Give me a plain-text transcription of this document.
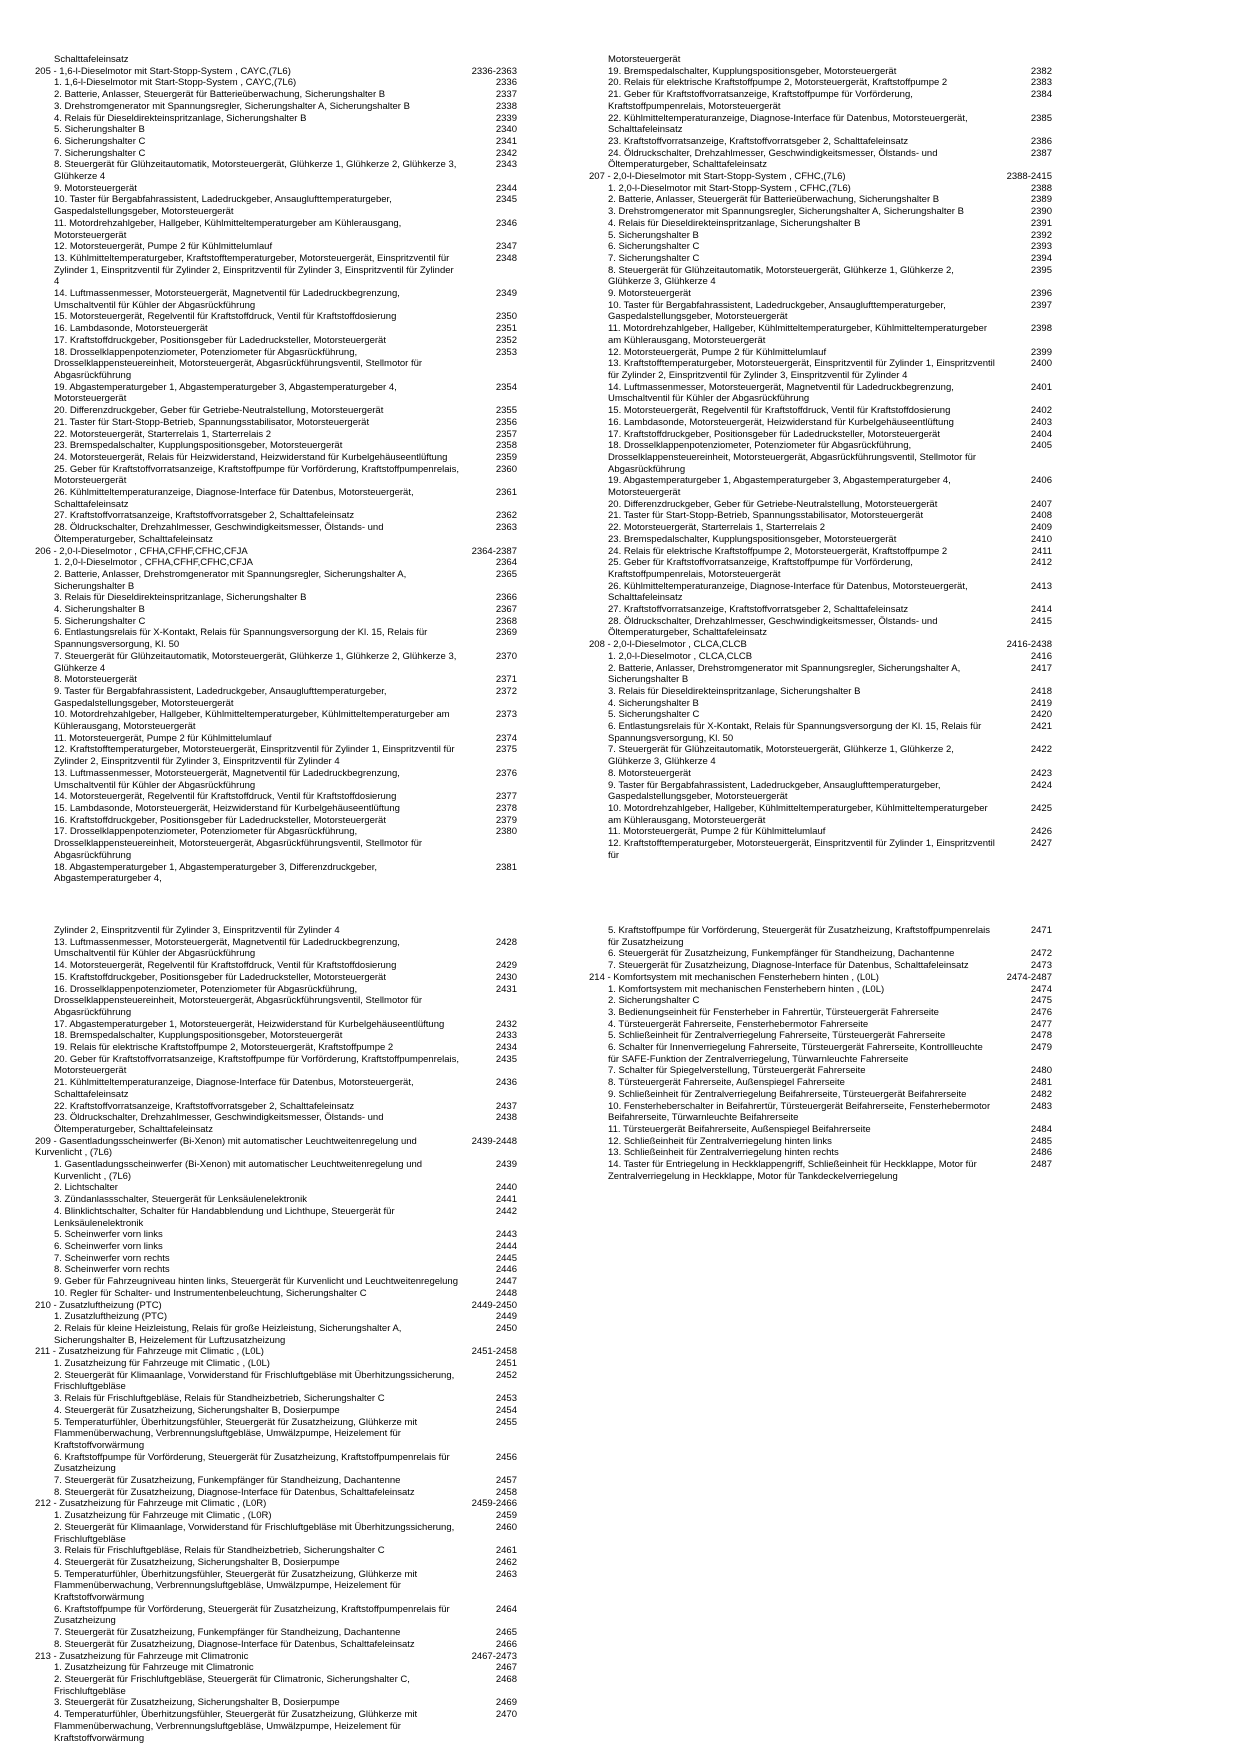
Schalttafeleinsatz
205 - 1,6-l-Dieselmotor mit Start-Stopp-System , CAYC,(7L6)	2336-2363
1. 1,6-l-Dieselmotor mit Start-Stopp-System , CAYC,(7L6)	2336
2. Batterie, Anlasser, Steuergerät für Batterieüberwachung, Sicherungshalter B	2337
3. Drehstromgenerator mit Spannungsregler, Sicherungshalter A, Sicherungshalter B	2338
4. Relais für Dieseldirekteinspritzanlage, Sicherungshalter B	2339
5. Sicherungshalter B	2340
6. Sicherungshalter C	2341
7. Sicherungshalter C	2342
8. Steuergerät für Glühzeitautomatik, Motorsteuergerät, Glühkerze 1, Glühkerze 2, Glühkerze 3, Glühkerze 4
2343
9. Motorsteuergerät	2344
10. Taster für Bergabfahrassistent, Ladedruckgeber, Ansauglufttemperaturgeber, Gaspedalstellungsgeber, Motorsteuergerät
2345
11. Motordrehzahlgeber, Hallgeber, Kühlmitteltemperaturgeber am Kühlerausgang, Motorsteuergerät
2346
12. Motorsteuergerät, Pumpe 2 für Kühlmittelumlauf	2347
13. Kühlmitteltemperaturgeber, Kraftstofftemperaturgeber, Motorsteuergerät, Einspritzventil für Zylinder 1, Einspritzventil für Zylinder 2, Einspritzventil für Zylinder 3, Einspritzventil für Zylinder 4
2348
14. Luftmassenmesser, Motorsteuergerät, Magnetventil für Ladedruckbegrenzung, Umschaltventil für Kühler der Abgasrückführung
2349
15. Motorsteuergerät, Regelventil für Kraftstoffdruck, Ventil für Kraftstoffdosierung	2350
16. Lambdasonde, Motorsteuergerät	2351
17. Kraftstoffdruckgeber, Positionsgeber für Ladedrucksteller, Motorsteuergerät	2352
18. Drosselklappenpotenziometer, Potenziometer für Abgasrückführung, Drosselklappensteuereinheit, Motorsteuergerät, Abgasrückführungsventil, Stellmotor für Abgasrückführung
2353
19. Abgastemperaturgeber 1, Abgastemperaturgeber 3, Abgastemperaturgeber 4, Motorsteuergerät
2354
20. Differenzdruckgeber, Geber für Getriebe-Neutralstellung, Motorsteuergerät	2355
21. Taster für Start-Stopp-Betrieb, Spannungsstabilisator, Motorsteuergerät	2356
22. Motorsteuergerät, Starterrelais 1, Starterrelais 2	2357
23. Bremspedalschalter, Kupplungspositionsgeber, Motorsteuergerät	2358
24. Motorsteuergerät, Relais für Heizwiderstand, Heizwiderstand für Kurbelgehäuseentlüftung	2359
25. Geber für Kraftstoffvorratsanzeige, Kraftstoffpumpe für Vorförderung, Kraftstoffpumpenrelais, Motorsteuergerät
2360
26. Kühlmitteltemperaturanzeige, Diagnose-Interface für Datenbus, Motorsteuergerät, Schalttafeleinsatz
2361
27. Kraftstoffvorratsanzeige, Kraftstoffvorratsgeber 2, Schalttafeleinsatz	2362
28. Öldruckschalter, Drehzahlmesser, Geschwindigkeitsmesser, Ölstands- und Öltemperaturgeber, Schalttafeleinsatz
2363
206 - 2,0-l-Dieselmotor , CFHA,CFHF,CFHC,CFJA	2364-2387
1. 2,0-l-Dieselmotor , CFHA,CFHF,CFHC,CFJA	2364
2. Batterie, Anlasser, Drehstromgenerator mit Spannungsregler, Sicherungshalter A, Sicherungshalter B
2365
3. Relais für Dieseldirekteinspritzanlage, Sicherungshalter B	2366
4. Sicherungshalter B	2367
5. Sicherungshalter C	2368
6. Entlastungsrelais für X-Kontakt, Relais für Spannungsversorgung der Kl. 15, Relais für Spannungsversorgung, Kl. 50
2369
7. Steuergerät für Glühzeitautomatik, Motorsteuergerät, Glühkerze 1, Glühkerze 2, Glühkerze 3, Glühkerze 4
2370
8. Motorsteuergerät	2371
9. Taster für Bergabfahrassistent, Ladedruckgeber, Ansauglufttemperaturgeber, Gaspedalstellungsgeber, Motorsteuergerät
2372
10. Motordrehzahlgeber, Hallgeber, Kühlmitteltemperaturgeber, Kühlmitteltemperaturgeber am Kühlerausgang, Motorsteuergerät
2373
11. Motorsteuergerät, Pumpe 2 für Kühlmittelumlauf	2374
12. Kraftstofftemperaturgeber, Motorsteuergerät, Einspritzventil für Zylinder 1, Einspritzventil für Zylinder 2, Einspritzventil für Zylinder 3, Einspritzventil für Zylinder 4
2375
13. Luftmassenmesser, Motorsteuergerät, Magnetventil für Ladedruckbegrenzung, Umschaltventil für Kühler der Abgasrückführung
2376
14. Motorsteuergerät, Regelventil für Kraftstoffdruck, Ventil für Kraftstoffdosierung	2377
15. Lambdasonde, Motorsteuergerät, Heizwiderstand für Kurbelgehäuseentlüftung	2378
16. Kraftstoffdruckgeber, Positionsgeber für Ladedrucksteller, Motorsteuergerät	2379
17. Drosselklappenpotenziometer, Potenziometer für Abgasrückführung, Drosselklappensteuereinheit, Motorsteuergerät, Abgasrückführungsventil, Stellmotor für Abgasrückführung
2380
18. Abgastemperaturgeber 1, Abgastemperaturgeber 3, Differenzdruckgeber, Abgastemperaturgeber 4,
2381
Motorsteuergerät
19. Bremspedalschalter, Kupplungspositionsgeber, Motorsteuergerät	2382
20. Relais für elektrische Kraftstoffpumpe 2, Motorsteuergerät, Kraftstoffpumpe 2	2383
21. Geber für Kraftstoffvorratsanzeige, Kraftstoffpumpe für Vorförderung, Kraftstoffpumpenrelais, Motorsteuergerät
2384
22. Kühlmitteltemperaturanzeige, Diagnose-Interface für Datenbus, Motorsteuergerät, Schalttafeleinsatz
2385
23. Kraftstoffvorratsanzeige, Kraftstoffvorratsgeber 2, Schalttafeleinsatz	2386
24. Öldruckschalter, Drehzahlmesser, Geschwindigkeitsmesser, Ölstands- und Öltemperaturgeber, Schalttafeleinsatz
2387
207 - 2,0-l-Dieselmotor mit Start-Stopp-System , CFHC,(7L6)	2388-2415
1. 2,0-l-Dieselmotor mit Start-Stopp-System , CFHC,(7L6)	2388
2. Batterie, Anlasser, Steuergerät für Batterieüberwachung, Sicherungshalter B	2389
3. Drehstromgenerator mit Spannungsregler, Sicherungshalter A, Sicherungshalter B	2390
4. Relais für Dieseldirekteinspritzanlage, Sicherungshalter B	2391
5. Sicherungshalter B	2392
6. Sicherungshalter C	2393
7. Sicherungshalter C	2394
8. Steuergerät für Glühzeitautomatik, Motorsteuergerät, Glühkerze 1, Glühkerze 2, Glühkerze 3, Glühkerze 4
2395
9. Motorsteuergerät	2396
10. Taster für Bergabfahrassistent, Ladedruckgeber, Ansauglufttemperaturgeber, Gaspedalstellungsgeber, Motorsteuergerät
2397
11. Motordrehzahlgeber, Hallgeber, Kühlmitteltemperaturgeber, Kühlmitteltemperaturgeber am Kühlerausgang, Motorsteuergerät
2398
12. Motorsteuergerät, Pumpe 2 für Kühlmittelumlauf	2399
13. Kraftstofftemperaturgeber, Motorsteuergerät, Einspritzventil für Zylinder 1, Einspritzventil für Zylinder 2, Einspritzventil für Zylinder 3, Einspritzventil für Zylinder 4
2400
14. Luftmassenmesser, Motorsteuergerät, Magnetventil für Ladedruckbegrenzung, Umschaltventil für Kühler der Abgasrückführung
2401
15. Motorsteuergerät, Regelventil für Kraftstoffdruck, Ventil für Kraftstoffdosierung	2402
16. Lambdasonde, Motorsteuergerät, Heizwiderstand für Kurbelgehäuseentlüftung	2403
17. Kraftstoffdruckgeber, Positionsgeber für Ladedrucksteller, Motorsteuergerät	2404
18. Drosselklappenpotenziometer, Potenziometer für Abgasrückführung, Drosselklappensteuereinheit, Motorsteuergerät, Abgasrückführungsventil, Stellmotor für Abgasrückführung
2405
19. Abgastemperaturgeber 1, Abgastemperaturgeber 3, Abgastemperaturgeber 4, Motorsteuergerät
2406
20. Differenzdruckgeber, Geber für Getriebe-Neutralstellung, Motorsteuergerät	2407
21. Taster für Start-Stopp-Betrieb, Spannungsstabilisator, Motorsteuergerät	2408
22. Motorsteuergerät, Starterrelais 1, Starterrelais 2	2409
23. Bremspedalschalter, Kupplungspositionsgeber, Motorsteuergerät	2410
24. Relais für elektrische Kraftstoffpumpe 2, Motorsteuergerät, Kraftstoffpumpe 2	2411
25. Geber für Kraftstoffvorratsanzeige, Kraftstoffpumpe für Vorförderung, Kraftstoffpumpenrelais, Motorsteuergerät
2412
26. Kühlmitteltemperaturanzeige, Diagnose-Interface für Datenbus, Motorsteuergerät, Schalttafeleinsatz
2413
27. Kraftstoffvorratsanzeige, Kraftstoffvorratsgeber 2, Schalttafeleinsatz	2414
28. Öldruckschalter, Drehzahlmesser, Geschwindigkeitsmesser, Ölstands- und Öltemperaturgeber, Schalttafeleinsatz
2415
208 - 2,0-l-Dieselmotor , CLCA,CLCB	2416-2438
1. 2,0-l-Dieselmotor , CLCA,CLCB	2416
2. Batterie, Anlasser, Drehstromgenerator mit Spannungsregler, Sicherungshalter A, Sicherungshalter B
2417
3. Relais für Dieseldirekteinspritzanlage, Sicherungshalter B	2418
4. Sicherungshalter B	2419
5. Sicherungshalter C	2420
6. Entlastungsrelais für X-Kontakt, Relais für Spannungsversorgung der Kl. 15, Relais für Spannungsversorgung, Kl. 50
2421
7. Steuergerät für Glühzeitautomatik, Motorsteuergerät, Glühkerze 1, Glühkerze 2, Glühkerze 3, Glühkerze 4
2422
8. Motorsteuergerät	2423
9. Taster für Bergabfahrassistent, Ladedruckgeber, Ansauglufttemperaturgeber, Gaspedalstellungsgeber, Motorsteuergerät
2424
10. Motordrehzahlgeber, Hallgeber, Kühlmitteltemperaturgeber, Kühlmitteltemperaturgeber am Kühlerausgang, Motorsteuergerät
2425
11. Motorsteuergerät, Pumpe 2 für Kühlmittelumlauf	2426
12. Kraftstofftemperaturgeber, Motorsteuergerät, Einspritzventil für Zylinder 1, Einspritzventil für
2427
Zylinder 2, Einspritzventil für Zylinder 3, Einspritzventil für Zylinder 4
13. Luftmassenmesser, Motorsteuergerät, Magnetventil für Ladedruckbegrenzung, Umschaltventil für Kühler der Abgasrückführung
2428
14. Motorsteuergerät, Regelventil für Kraftstoffdruck, Ventil für Kraftstoffdosierung	2429
15. Kraftstoffdruckgeber, Positionsgeber für Ladedrucksteller, Motorsteuergerät	2430
16. Drosselklappenpotenziometer, Potenziometer für Abgasrückführung, Drosselklappensteuereinheit, Motorsteuergerät, Abgasrückführungsventil, Stellmotor für Abgasrückführung
2431
17. Abgastemperaturgeber 1, Motorsteuergerät, Heizwiderstand für Kurbelgehäuseentlüftung	2432
18. Bremspedalschalter, Kupplungspositionsgeber, Motorsteuergerät	2433
19. Relais für elektrische Kraftstoffpumpe 2, Motorsteuergerät, Kraftstoffpumpe 2	2434
20. Geber für Kraftstoffvorratsanzeige, Kraftstoffpumpe für Vorförderung, Kraftstoffpumpenrelais, Motorsteuergerät
2435
21. Kühlmitteltemperaturanzeige, Diagnose-Interface für Datenbus, Motorsteuergerät, Schalttafeleinsatz
2436
22. Kraftstoffvorratsanzeige, Kraftstoffvorratsgeber 2, Schalttafeleinsatz	2437
23. Öldruckschalter, Drehzahlmesser, Geschwindigkeitsmesser, Ölstands- und Öltemperaturgeber, Schalttafeleinsatz
2438
209 - Gasentladungsscheinwerfer (Bi-Xenon) mit automatischer Leuchtweitenregelung und Kurvenlicht , (7L6)
2439-2448
1. Gasentladungsscheinwerfer (Bi-Xenon) mit automatischer Leuchtweitenregelung und Kurvenlicht , (7L6)
2439
2. Lichtschalter	2440
3. Zündanlassschalter, Steuergerät für Lenksäulenelektronik	2441
4. Blinklichtschalter, Schalter für Handabblendung und Lichthupe, Steuergerät für Lenksäulenelektronik
2442
5. Scheinwerfer vorn links	2443
6. Scheinwerfer vorn links	2444
7. Scheinwerfer vorn rechts	2445
8. Scheinwerfer vorn rechts	2446
9. Geber für Fahrzeugniveau hinten links, Steuergerät für Kurvenlicht und Leuchtweitenregelung	2447
10. Regler für Schalter- und Instrumentenbeleuchtung, Sicherungshalter C	2448
210 - Zusatzluftheizung (PTC)	2449-2450
1. Zusatzluftheizung (PTC)	2449
2. Relais für kleine Heizleistung, Relais für große Heizleistung, Sicherungshalter A, Sicherungshalter B, Heizelement für Luftzusatzheizung
2450
211 - Zusatzheizung für Fahrzeuge mit Climatic , (L0L)	2451-2458
1. Zusatzheizung für Fahrzeuge mit Climatic , (L0L)	2451
2. Steuergerät für Klimaanlage, Vorwiderstand für Frischluftgebläse mit Überhitzungssicherung, Frischluftgebläse
2452
3. Relais für Frischluftgebläse, Relais für Standheizbetrieb, Sicherungshalter C	2453
4. Steuergerät für Zusatzheizung, Sicherungshalter B, Dosierpumpe	2454
5. Temperaturfühler, Überhitzungsfühler, Steuergerät für Zusatzheizung, Glühkerze mit Flammenüberwachung, Verbrennungsluftgebläse, Umwälzpumpe, Heizelement für Kraftstoffvorwärmung
2455
6. Kraftstoffpumpe für Vorförderung, Steuergerät für Zusatzheizung, Kraftstoffpumpenrelais für Zusatzheizung
2456
7. Steuergerät für Zusatzheizung, Funkempfänger für Standheizung, Dachantenne	2457
8. Steuergerät für Zusatzheizung, Diagnose-Interface für Datenbus, Schalttafeleinsatz	2458
212 - Zusatzheizung für Fahrzeuge mit Climatic , (L0R)	2459-2466
1. Zusatzheizung für Fahrzeuge mit Climatic , (L0R)	2459
2. Steuergerät für Klimaanlage, Vorwiderstand für Frischluftgebläse mit Überhitzungssicherung, Frischluftgebläse
2460
3. Relais für Frischluftgebläse, Relais für Standheizbetrieb, Sicherungshalter C	2461
4. Steuergerät für Zusatzheizung, Sicherungshalter B, Dosierpumpe	2462
5. Temperaturfühler, Überhitzungsfühler, Steuergerät für Zusatzheizung, Glühkerze mit Flammenüberwachung, Verbrennungsluftgebläse, Umwälzpumpe, Heizelement für Kraftstoffvorwärmung
2463
6. Kraftstoffpumpe für Vorförderung, Steuergerät für Zusatzheizung, Kraftstoffpumpenrelais für Zusatzheizung
2464
7. Steuergerät für Zusatzheizung, Funkempfänger für Standheizung, Dachantenne	2465
8. Steuergerät für Zusatzheizung, Diagnose-Interface für Datenbus, Schalttafeleinsatz	2466
213 - Zusatzheizung für Fahrzeuge mit Climatronic	2467-2473
1. Zusatzheizung für Fahrzeuge mit Climatronic	2467
2. Steuergerät für Frischluftgebläse, Steuergerät für Climatronic, Sicherungshalter C, Frischluftgebläse
2468
3. Steuergerät für Zusatzheizung, Sicherungshalter B, Dosierpumpe	2469
4. Temperaturfühler, Überhitzungsfühler, Steuergerät für Zusatzheizung, Glühkerze mit Flammenüberwachung, Verbrennungsluftgebläse, Umwälzpumpe, Heizelement für Kraftstoffvorwärmung
2470
5. Kraftstoffpumpe für Vorförderung, Steuergerät für Zusatzheizung, Kraftstoffpumpenrelais für Zusatzheizung
2471
6. Steuergerät für Zusatzheizung, Funkempfänger für Standheizung, Dachantenne	2472
7. Steuergerät für Zusatzheizung, Diagnose-Interface für Datenbus, Schalttafeleinsatz	2473
214 - Komfortsystem mit mechanischen Fensterhebern hinten , (L0L)	2474-2487
1. Komfortsystem mit mechanischen Fensterhebern hinten , (L0L)	2474
2. Sicherungshalter C	2475
3. Bedienungseinheit für Fensterheber in Fahrertür, Türsteuergerät Fahrerseite	2476
4. Türsteuergerät Fahrerseite, Fensterhebermotor Fahrerseite	2477
5. Schließeinheit für Zentralverriegelung Fahrerseite, Türsteuergerät Fahrerseite	2478
6. Schalter für Innenverriegelung Fahrerseite, Türsteuergerät Fahrerseite, Kontrollleuchte für SAFE-Funktion der Zentralverriegelung, Türwarnleuchte Fahrerseite
2479
7. Schalter für Spiegelverstellung, Türsteuergerät Fahrerseite	2480
8. Türsteuergerät Fahrerseite, Außenspiegel Fahrerseite	2481
9. Schließeinheit für Zentralverriegelung Beifahrerseite, Türsteuergerät Beifahrerseite	2482
10. Fensterheberschalter in Beifahrertür, Türsteuergerät Beifahrerseite, Fensterhebermotor Beifahrerseite, Türwarnleuchte Beifahrerseite
2483
11. Türsteuergerät Beifahrerseite, Außenspiegel Beifahrerseite	2484
12. Schließeinheit für Zentralverriegelung hinten links	2485
13. Schließeinheit für Zentralverriegelung hinten rechts	2486
14. Taster für Entriegelung in Heckklappengriff, Schließeinheit für Heckklappe, Motor für Zentralverriegelung in Heckklappe, Motor für Tankdeckelverriegelung
2487
